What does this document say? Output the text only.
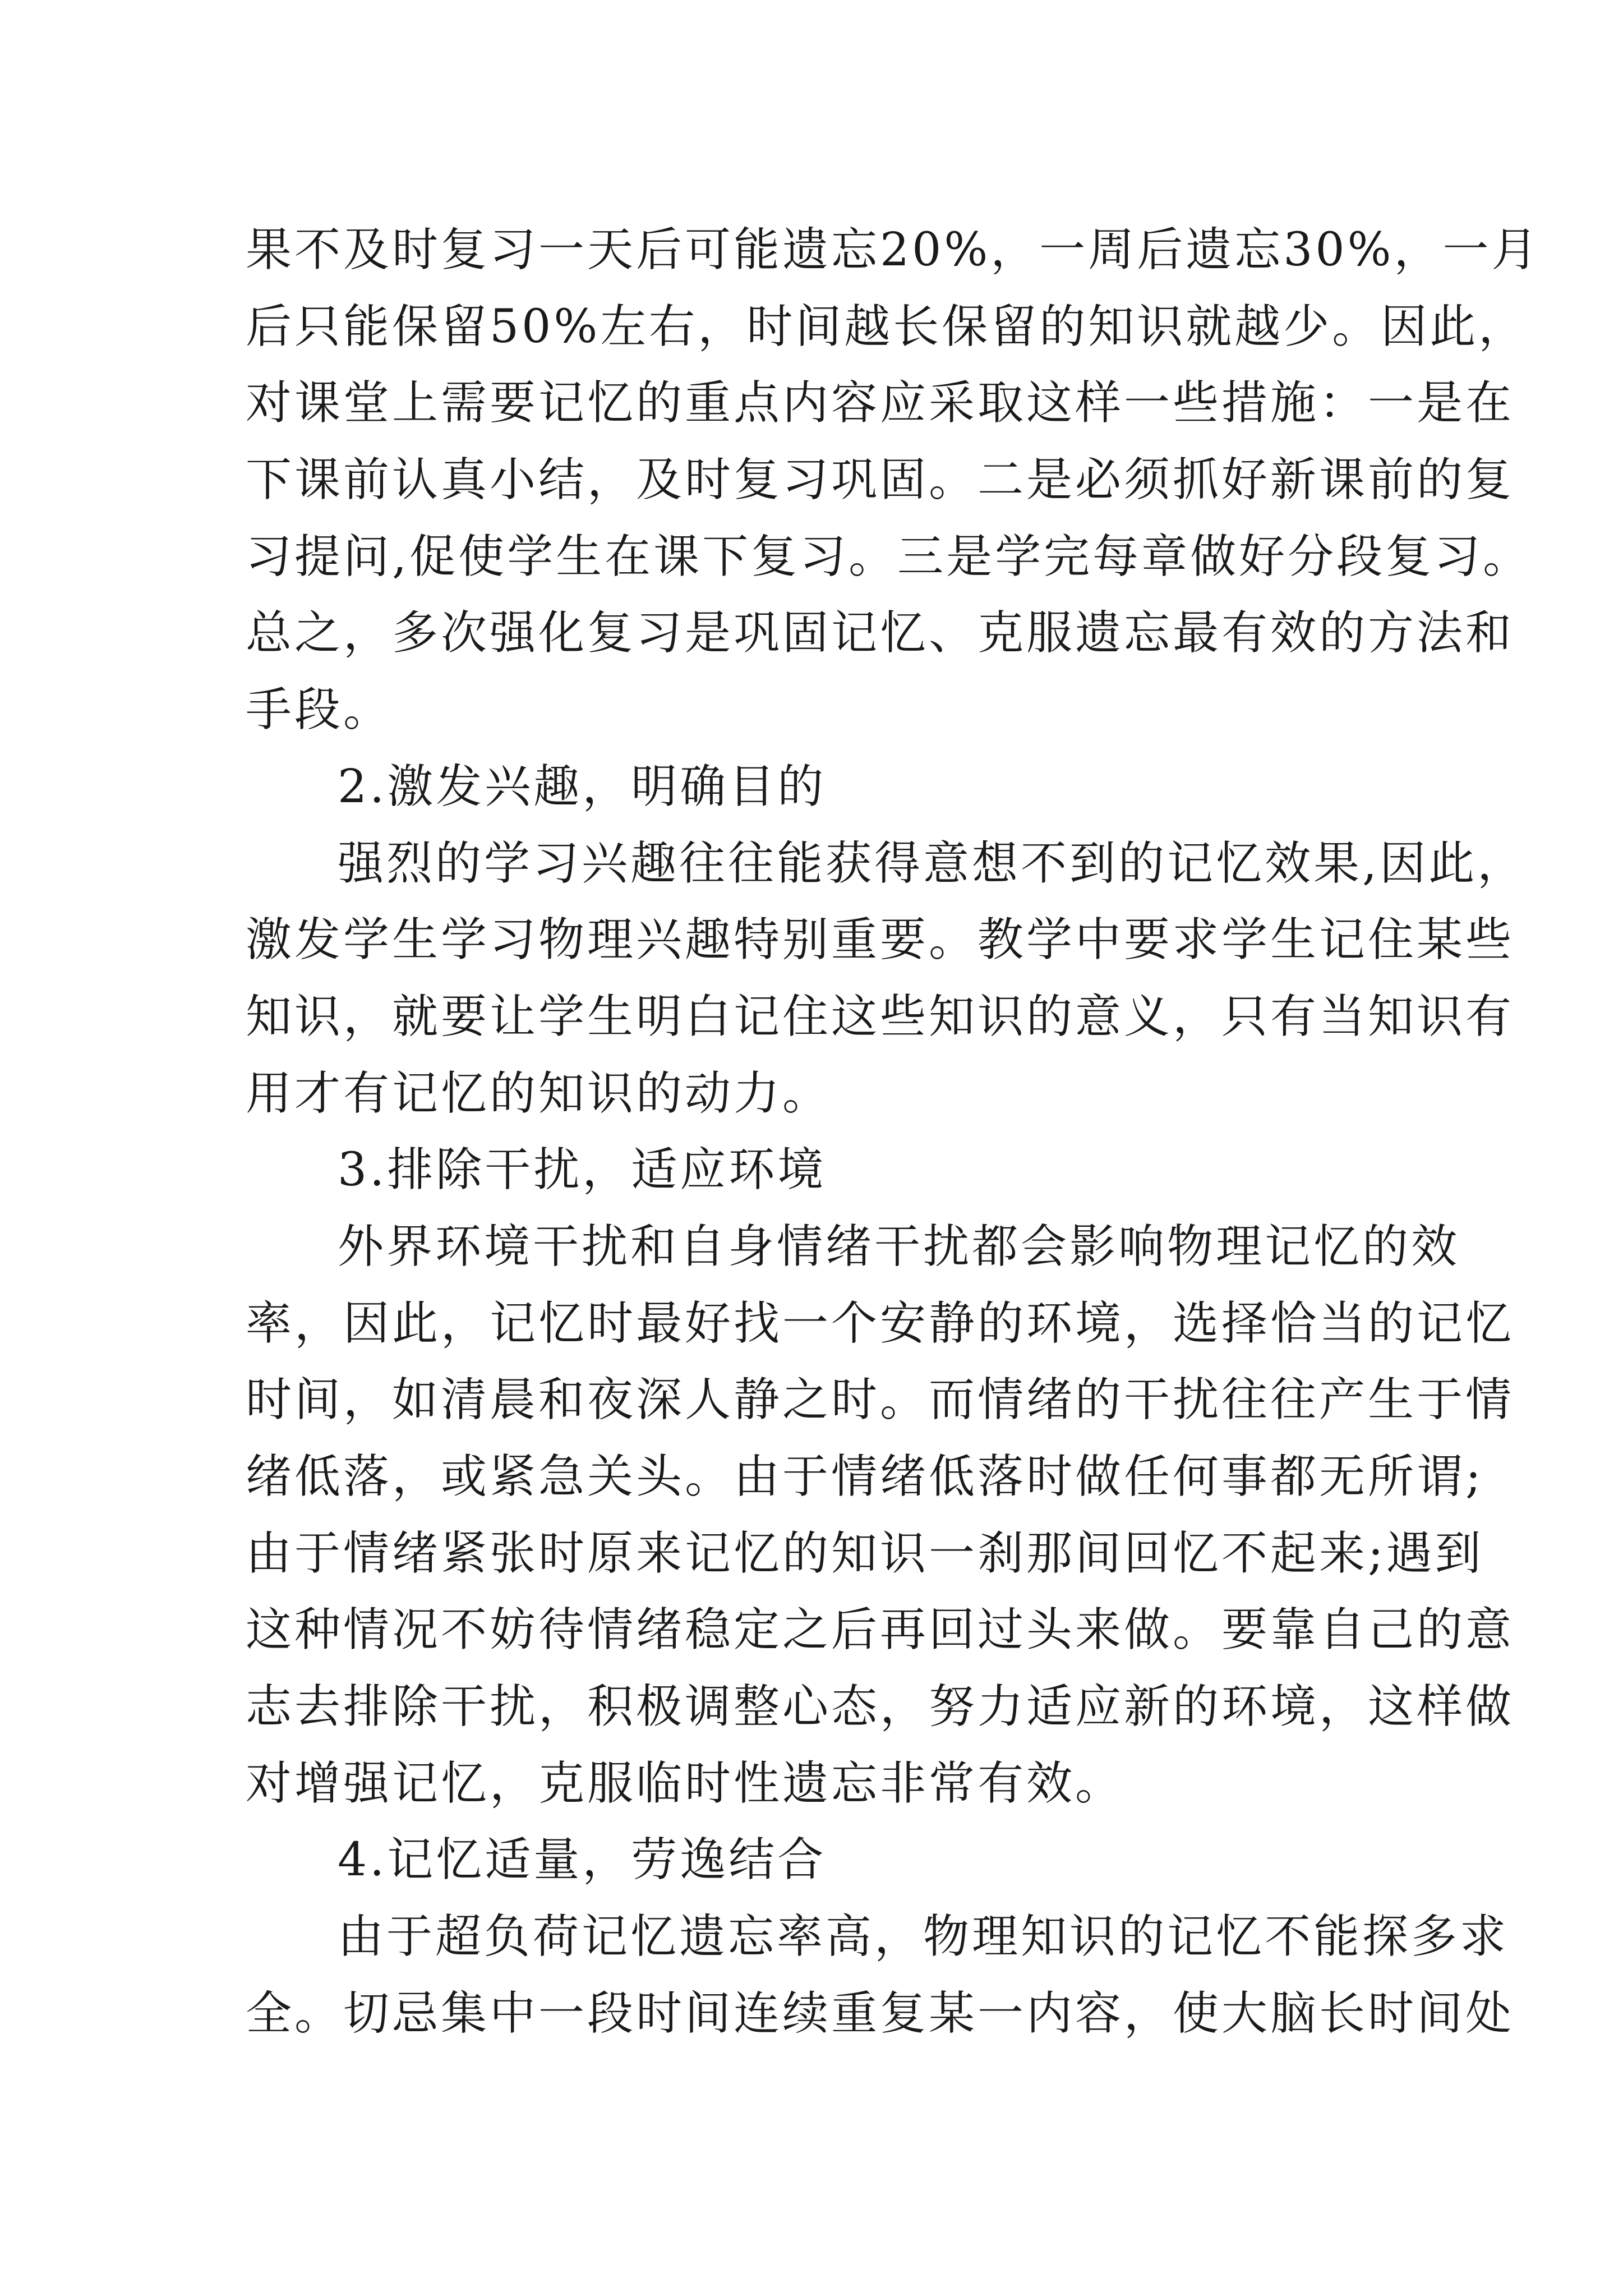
果不及时复习一天后可能遗忘20%，一周后遗忘30%，一月
后只能保留50%左右，时间越长保留的知识就越少。因此，
对课堂上需要记忆的重点内容应采取这样一些措施：一是在
下课前认真小结，及时复习巩固。二是必须抓好新课前的复
习提问,促使学生在课下复习。三是学完每章做好分段复习。
总之，多次强化复习是巩固记忆、克服遗忘最有效的方法和
手段。
2.激发兴趣，明确目的
强烈的学习兴趣往往能获得意想不到的记忆效果,因此，
激发学生学习物理兴趣特别重要。教学中要求学生记住某些
知识，就要让学生明白记住这些知识的意义，只有当知识有
用才有记忆的知识的动力。
3.排除干扰，适应环境
外界环境干扰和自身情绪干扰都会影响物理记忆的效
率，因此，记忆时最好找一个安静的环境，选择恰当的记忆
时间，如清晨和夜深人静之时。而情绪的干扰往往产生于情
绪低落，或紧急关头。由于情绪低落时做任何事都无所谓;
由于情绪紧张时原来记忆的知识一刹那间回忆不起来;遇到
这种情况不妨待情绪稳定之后再回过头来做。要靠自己的意
志去排除干扰，积极调整心态，努力适应新的环境，这样做
对增强记忆，克服临时性遗忘非常有效。
4.记忆适量，劳逸结合
由于超负荷记忆遗忘率高，物理知识的记忆不能探多求
全。切忌集中一段时间连续重复某一内容，使大脑长时间处
